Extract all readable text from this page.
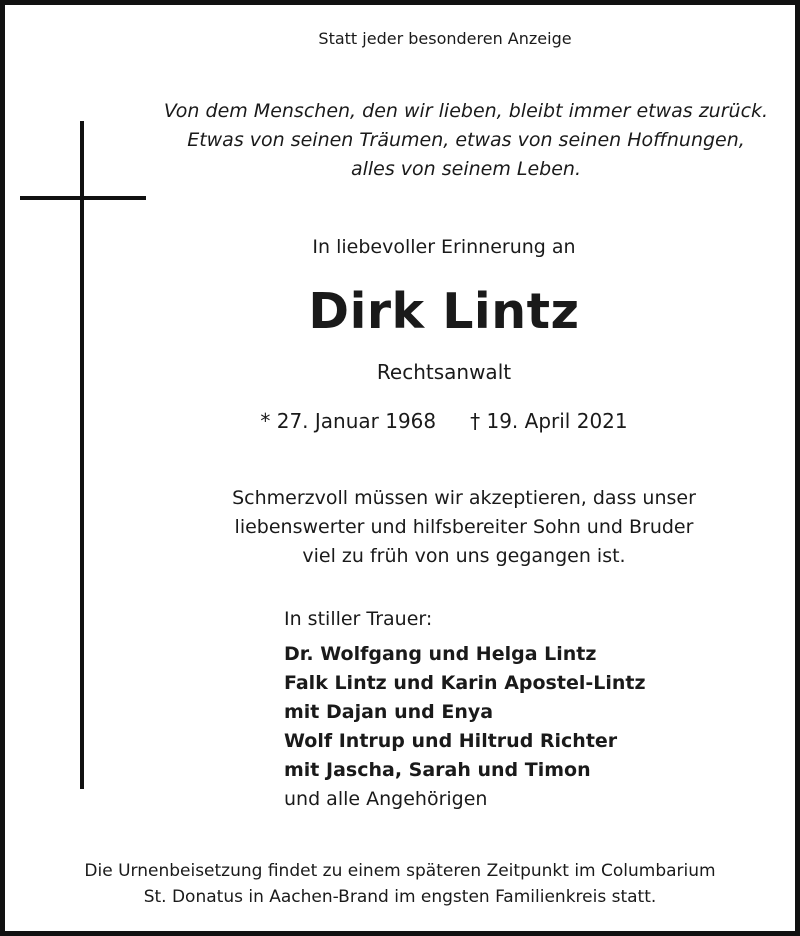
Statt jeder besonderen Anzeige
Von dem Menschen, den wir lieben, bleibt immer etwas zurück.
Etwas von seinen Träumen, etwas von seinen Hoffnungen,
alles von seinem Leben.
In liebevoller Erinnerung an
Dirk Lintz
Rechtsanwalt
* 27. Januar 1968 † 19. April 2021
Schmerzvoll müssen wir akzeptieren, dass unser
liebenswerter und hilfsbereiter Sohn und Bruder
viel zu früh von uns gegangen ist.
In stiller Trauer:
Dr. Wolfgang und Helga Lintz
Falk Lintz und Karin Apostel-Lintz
mit Dajan und Enya
Wolf Intrup und Hiltrud Richter
mit Jascha, Sarah und Timon
und alle Angehörigen
Die Urnenbeisetzung findet zu einem späteren Zeitpunkt im Columbarium
St. Donatus in Aachen-Brand im engsten Familienkreis statt.
